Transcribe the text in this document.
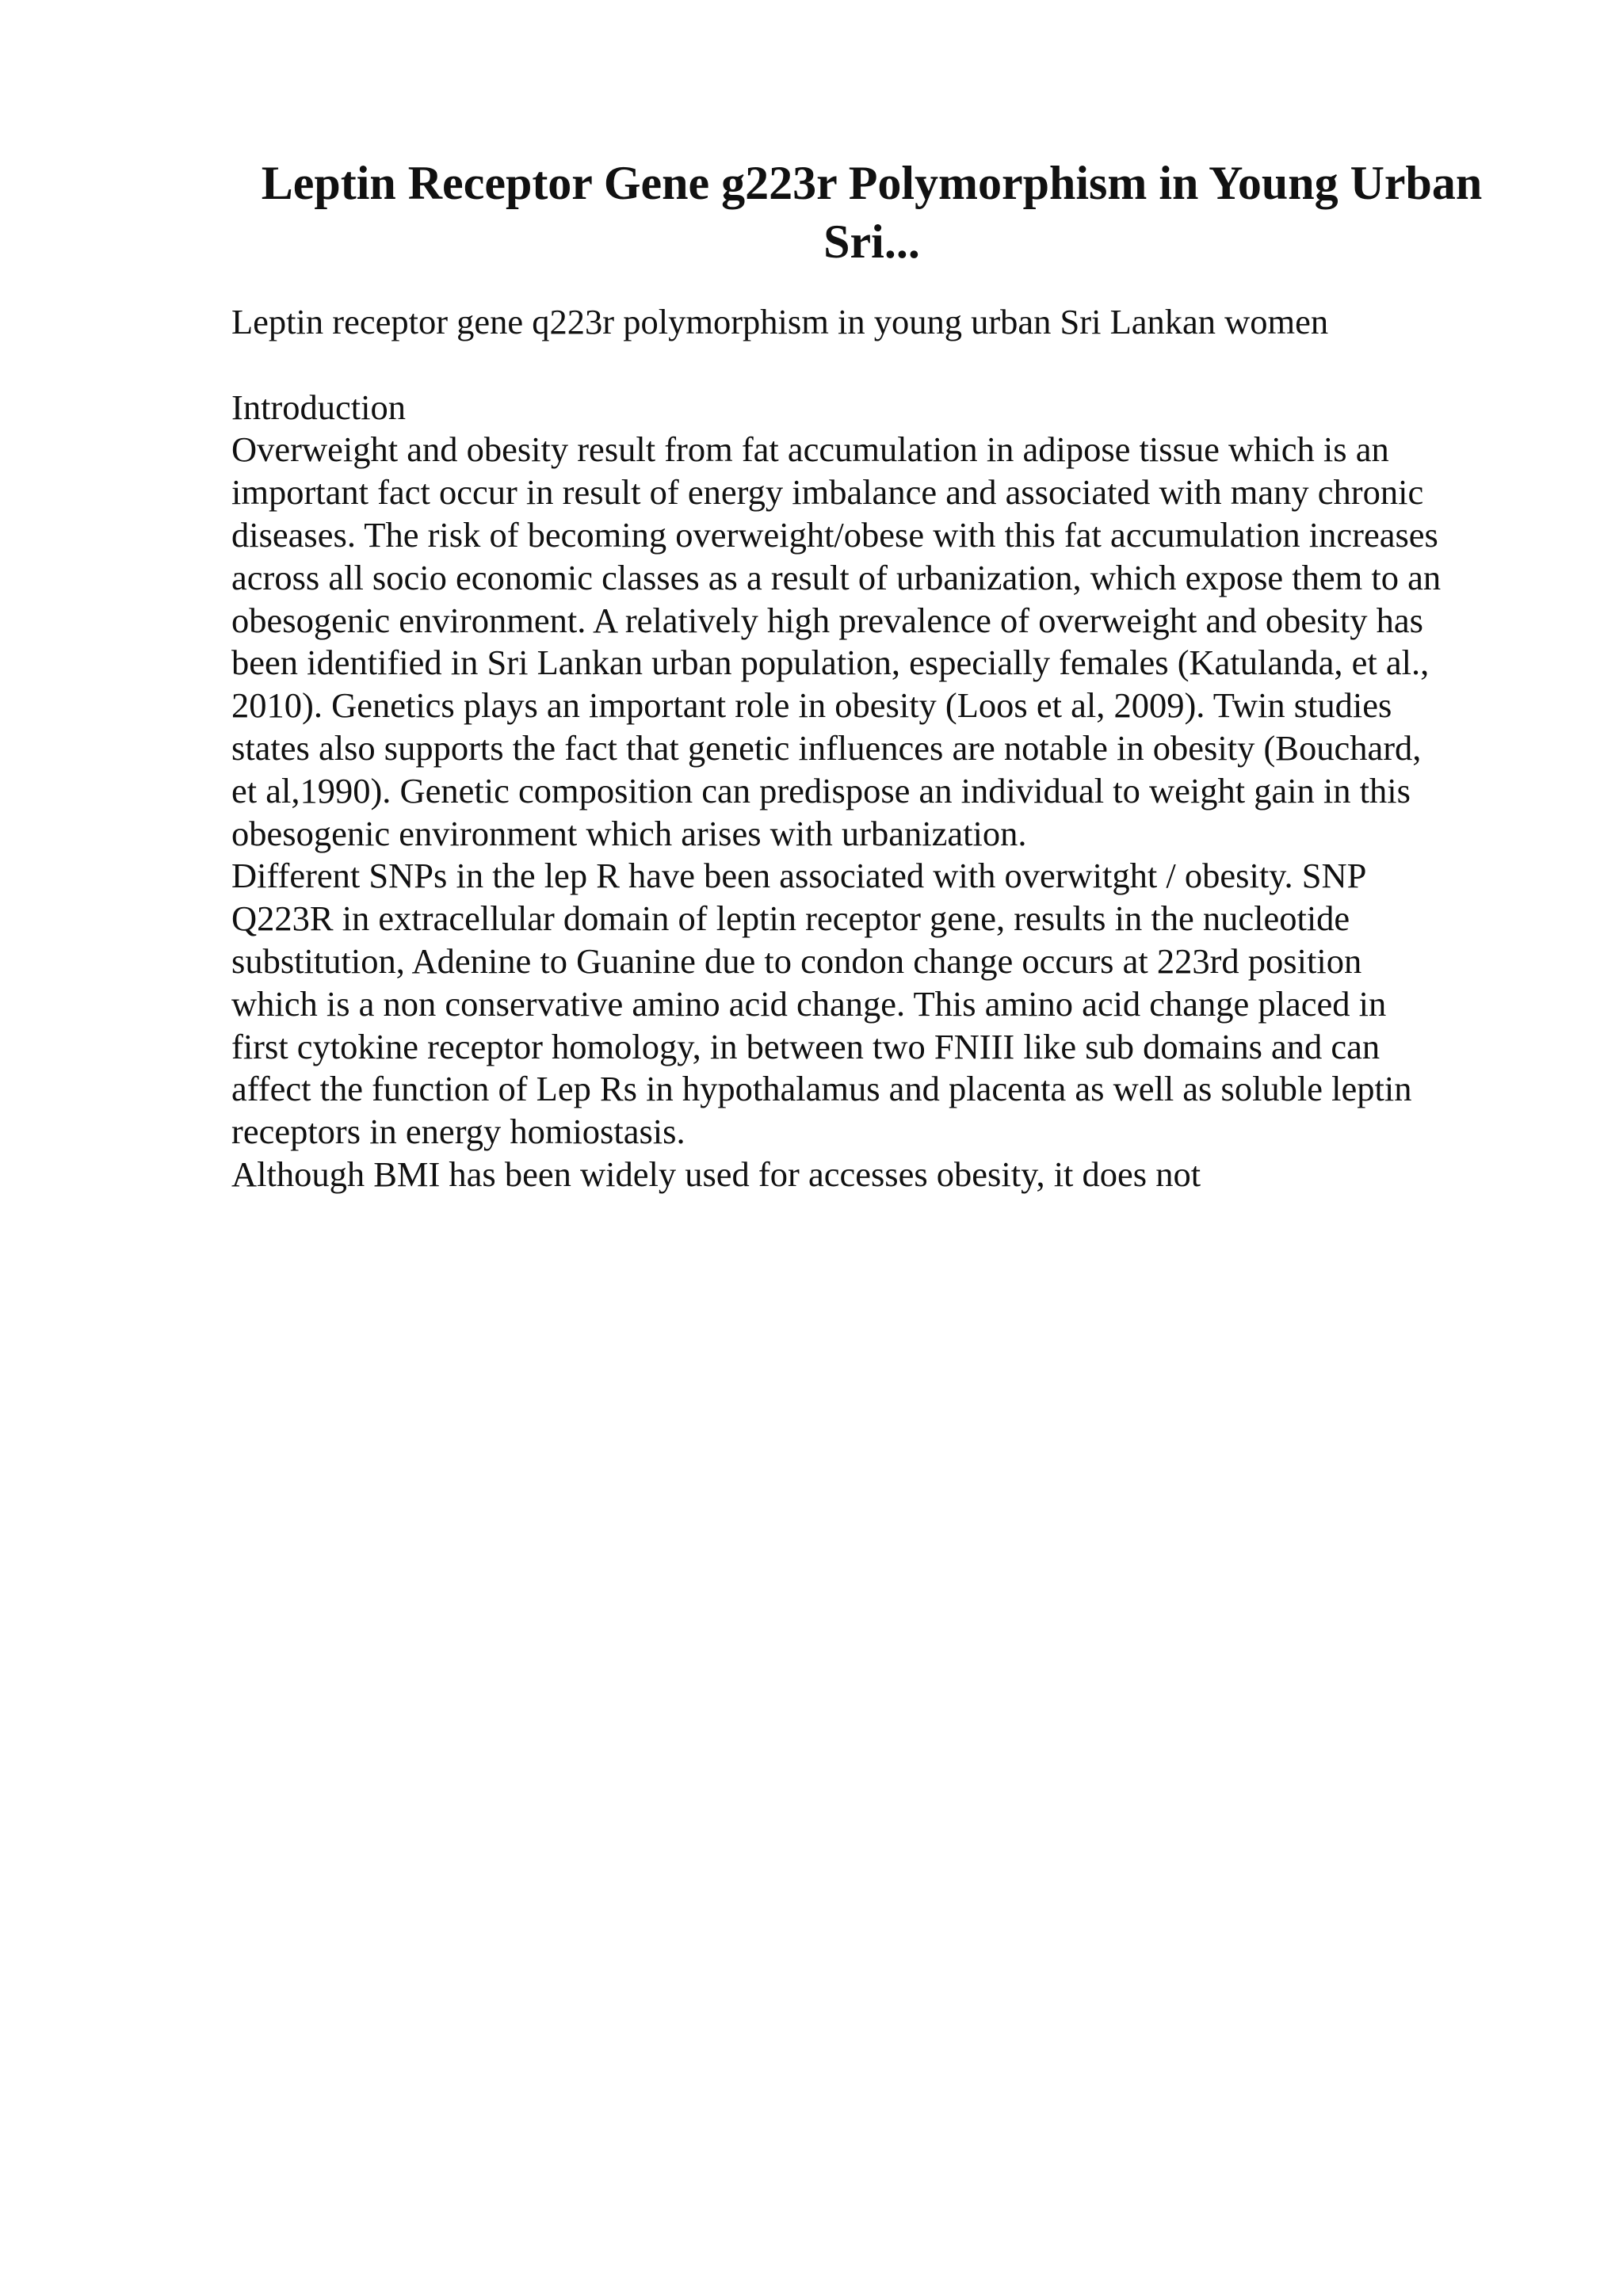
Leptin Receptor Gene g223r Polymorphism in Young Urban
Sri...
Leptin receptor gene q223r polymorphism in young urban Sri Lankan women
Introduction
Overweight and obesity result from fat accumulation in adipose tissue which is an
important fact occur in result of energy imbalance and associated with many chronic
diseases. The risk of becoming overweight/obese with this fat accumulation increases
across all socio economic classes as a result of urbanization, which expose them to an
obesogenic environment. A relatively high prevalence of overweight and obesity has
been identified in Sri Lankan urban population, especially females (Katulanda, et al.,
2010). Genetics plays an important role in obesity (Loos et al, 2009). Twin studies
states also supports the fact that genetic influences are notable in obesity (Bouchard,
et al,1990). Genetic composition can predispose an individual to weight gain in this
obesogenic environment which arises with urbanization.
Different SNPs in the lep R have been associated with overwitght / obesity. SNP
Q223R in extracellular domain of leptin receptor gene, results in the nucleotide
substitution, Adenine to Guanine due to condon change occurs at 223rd position
which is a non conservative amino acid change. This amino acid change placed in
first cytokine receptor homology, in between two FNIII like sub domains and can
affect the function of Lep Rs in hypothalamus and placenta as well as soluble leptin
receptors in energy homiostasis.
Although BMI has been widely used for accesses obesity, it does not
